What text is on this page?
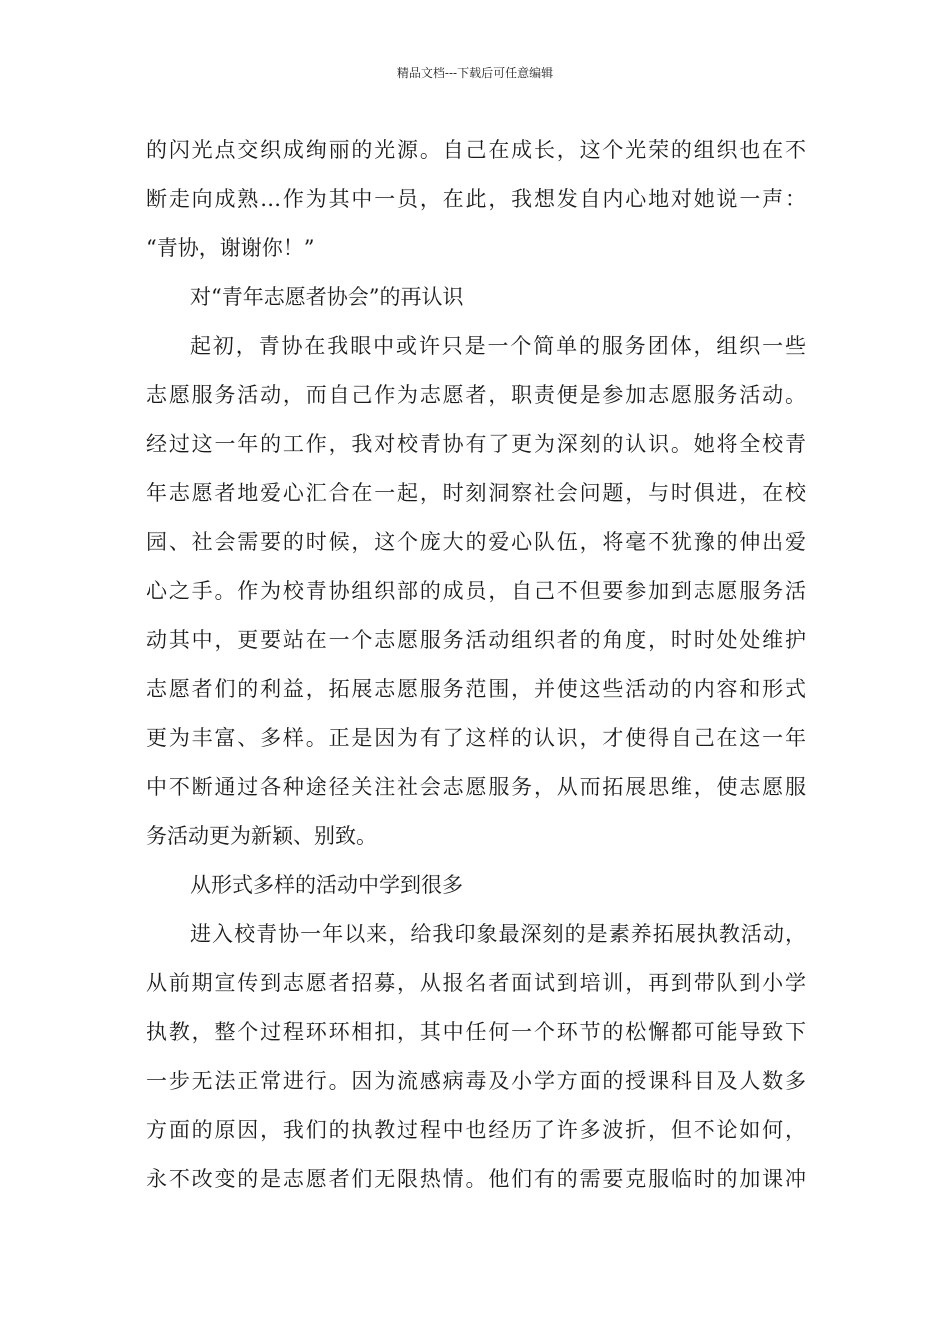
精品文档---下载后可任意编辑
的闪光点交织成绚丽的光源。自己在成长，这个光荣的组织也在不
断走向成熟…作为其中一员，在此，我想发自内心地对她说一声：
“青协，谢谢你！”
对“青年志愿者协会”的再认识
起初，青协在我眼中或许只是一个简单的服务团体，组织一些
志愿服务活动，而自己作为志愿者，职责便是参加志愿服务活动。
经过这一年的工作，我对校青协有了更为深刻的认识。她将全校青
年志愿者地爱心汇合在一起，时刻洞察社会问题，与时俱进，在校
园、社会需要的时候，这个庞大的爱心队伍，将毫不犹豫的伸出爱
心之手。作为校青协组织部的成员，自己不但要参加到志愿服务活
动其中，更要站在一个志愿服务活动组织者的角度，时时处处维护
志愿者们的利益，拓展志愿服务范围，并使这些活动的内容和形式
更为丰富、多样。正是因为有了这样的认识，才使得自己在这一年
中不断通过各种途径关注社会志愿服务，从而拓展思维，使志愿服
务活动更为新颖、别致。
从形式多样的活动中学到很多
进入校青协一年以来，给我印象最深刻的是素养拓展执教活动，
从前期宣传到志愿者招募，从报名者面试到培训，再到带队到小学
执教，整个过程环环相扣，其中任何一个环节的松懈都可能导致下
一步无法正常进行。因为流感病毒及小学方面的授课科目及人数多
方面的原因，我们的执教过程中也经历了许多波折，但不论如何，
永不改变的是志愿者们无限热情。他们有的需要克服临时的加课冲
